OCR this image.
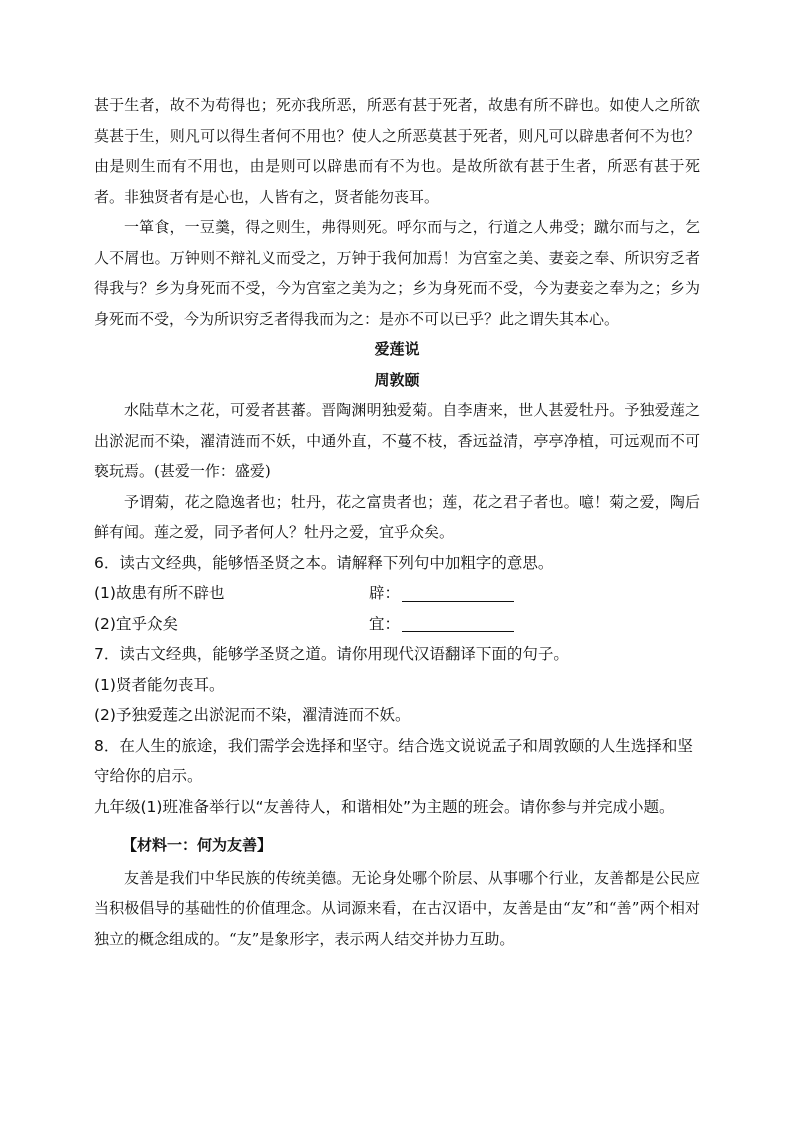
甚于生者，故不为苟得也；死亦我所恶，所恶有甚于死者，故患有所不辟也。如使人之所欲莫甚于生，则凡可以得生者何不用也？使人之所恶莫甚于死者，则凡可以辟患者何不为也？由是则生而有不用也，由是则可以辟患而有不为也。是故所欲有甚于生者，所恶有甚于死者。非独贤者有是心也，人皆有之，贤者能勿丧耳。

一箪食，一豆羹，得之则生，弗得则死。呼尔而与之，行道之人弗受；蹴尔而与之，乞人不屑也。万钟则不辩礼义而受之，万钟于我何加焉！为宫室之美、妻妾之奉、所识穷乏者得我与？乡为身死而不受，今为宫室之美为之；乡为身死而不受，今为妻妾之奉为之；乡为身死而不受，今为所识穷乏者得我而为之：是亦不可以已乎？此之谓失其本心。

爱莲说

周敦颐

水陆草木之花，可爱者甚蕃。晋陶渊明独爱菊。自李唐来，世人甚爱牡丹。予独爱莲之出淤泥而不染，濯清涟而不妖，中通外直，不蔓不枝，香远益清，亭亭净植，可远观而不可亵玩焉。(甚爱一作：盛爱)

予谓菊，花之隐逸者也；牡丹，花之富贵者也；莲，花之君子者也。噫！菊之爱，陶后鲜有闻。莲之爱，同予者何人？牡丹之爱，宜乎众矣。

6．读古文经典，能够悟圣贤之本。请解释下列句中加粗字的意思。

(1)故患有所不辟也	辟：
(2)宜乎众矣	宜：

7．读古文经典，能够学圣贤之道。请你用现代汉语翻译下面的句子。

(1)贤者能勿丧耳。

(2)予独爱莲之出淤泥而不染，濯清涟而不妖。

8．在人生的旅途，我们需学会选择和坚守。结合选文说说孟子和周敦颐的人生选择和坚守给你的启示。

九年级(1)班准备举行以“友善待人，和谐相处”为主题的班会。请你参与并完成小题。

【材料一：何为友善】

友善是我们中华民族的传统美德。无论身处哪个阶层、从事哪个行业，友善都是公民应当积极倡导的基础性的价值理念。从词源来看，在古汉语中，友善是由“友”和“善”两个相对独立的概念组成的。“友”是象形字，表示两人结交并协力互助。
